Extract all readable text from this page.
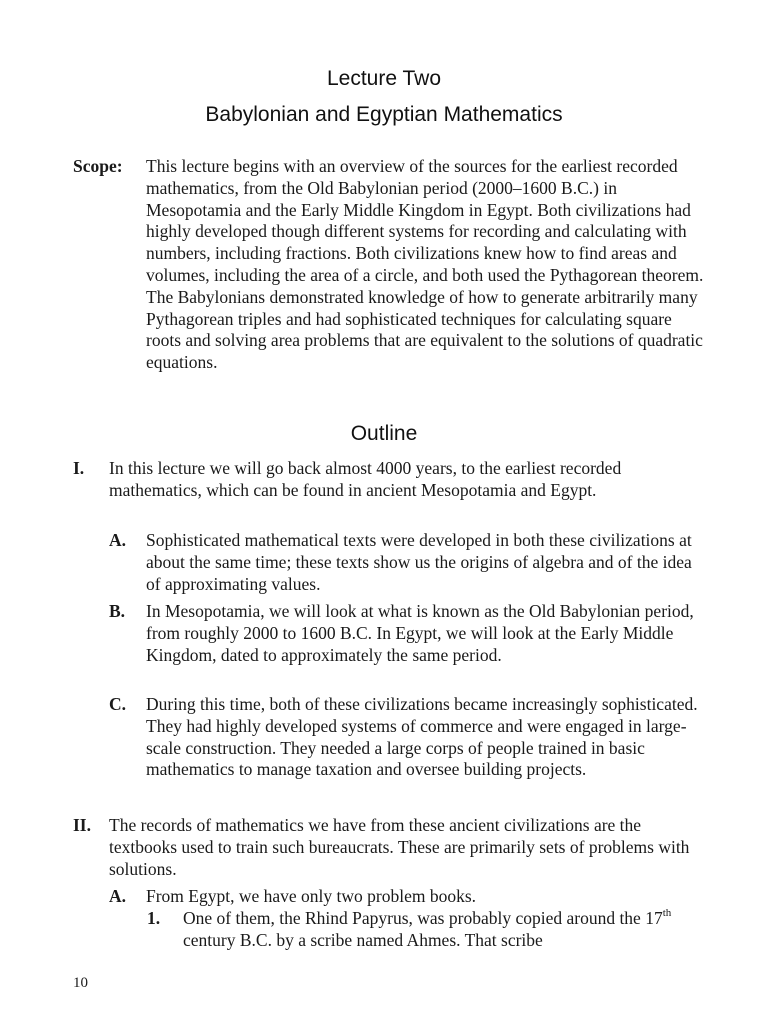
Lecture Two
Babylonian and Egyptian Mathematics
Scope: This lecture begins with an overview of the sources for the earliest recorded mathematics, from the Old Babylonian period (2000–1600 B.C.) in Mesopotamia and the Early Middle Kingdom in Egypt. Both civilizations had highly developed though different systems for recording and calculating with numbers, including fractions. Both civilizations knew how to find areas and volumes, including the area of a circle, and both used the Pythagorean theorem. The Babylonians demonstrated knowledge of how to generate arbitrarily many Pythagorean triples and had sophisticated techniques for calculating square roots and solving area problems that are equivalent to the solutions of quadratic equations.
Outline
I. In this lecture we will go back almost 4000 years, to the earliest recorded mathematics, which can be found in ancient Mesopotamia and Egypt.
A. Sophisticated mathematical texts were developed in both these civilizations at about the same time; these texts show us the origins of algebra and of the idea of approximating values.
B. In Mesopotamia, we will look at what is known as the Old Babylonian period, from roughly 2000 to 1600 B.C. In Egypt, we will look at the Early Middle Kingdom, dated to approximately the same period.
C. During this time, both of these civilizations became increasingly sophisticated. They had highly developed systems of commerce and were engaged in large-scale construction. They needed a large corps of people trained in basic mathematics to manage taxation and oversee building projects.
II. The records of mathematics we have from these ancient civilizations are the textbooks used to train such bureaucrats. These are primarily sets of problems with solutions.
A. From Egypt, we have only two problem books.
1. One of them, the Rhind Papyrus, was probably copied around the 17th century B.C. by a scribe named Ahmes. That scribe
10
